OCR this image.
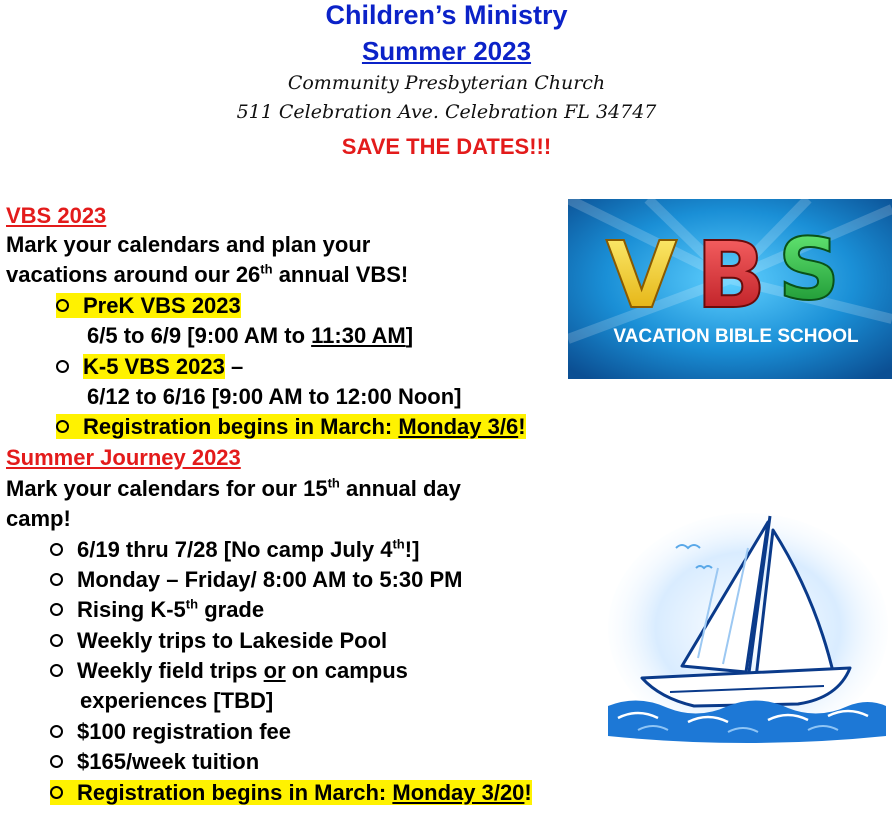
Children’s Ministry
Summer 2023
Community Presbyterian Church
511 Celebration Ave. Celebration FL 34747
SAVE THE DATES!!!
VBS 2023
Mark your calendars and plan your
vacations around our 26th annual VBS!
PreK VBS 2023
6/5 to 6/9 [9:00 AM to 11:30 AM]
K-5 VBS 2023 –
6/12 to 6/16 [9:00 AM to 12:00 Noon]
Registration begins in March: Monday 3/6!
V B S
VACATION BIBLE SCHOOL
Summer Journey 2023
Mark your calendars for our 15th annual day
camp!
6/19 thru 7/28 [No camp July 4th!]
Monday – Friday/ 8:00 AM to 5:30 PM
Rising K-5th grade
Weekly trips to Lakeside Pool
Weekly field trips or on campus
experiences [TBD]
$100 registration fee
$165/week tuition
Registration begins in March: Monday 3/20!
